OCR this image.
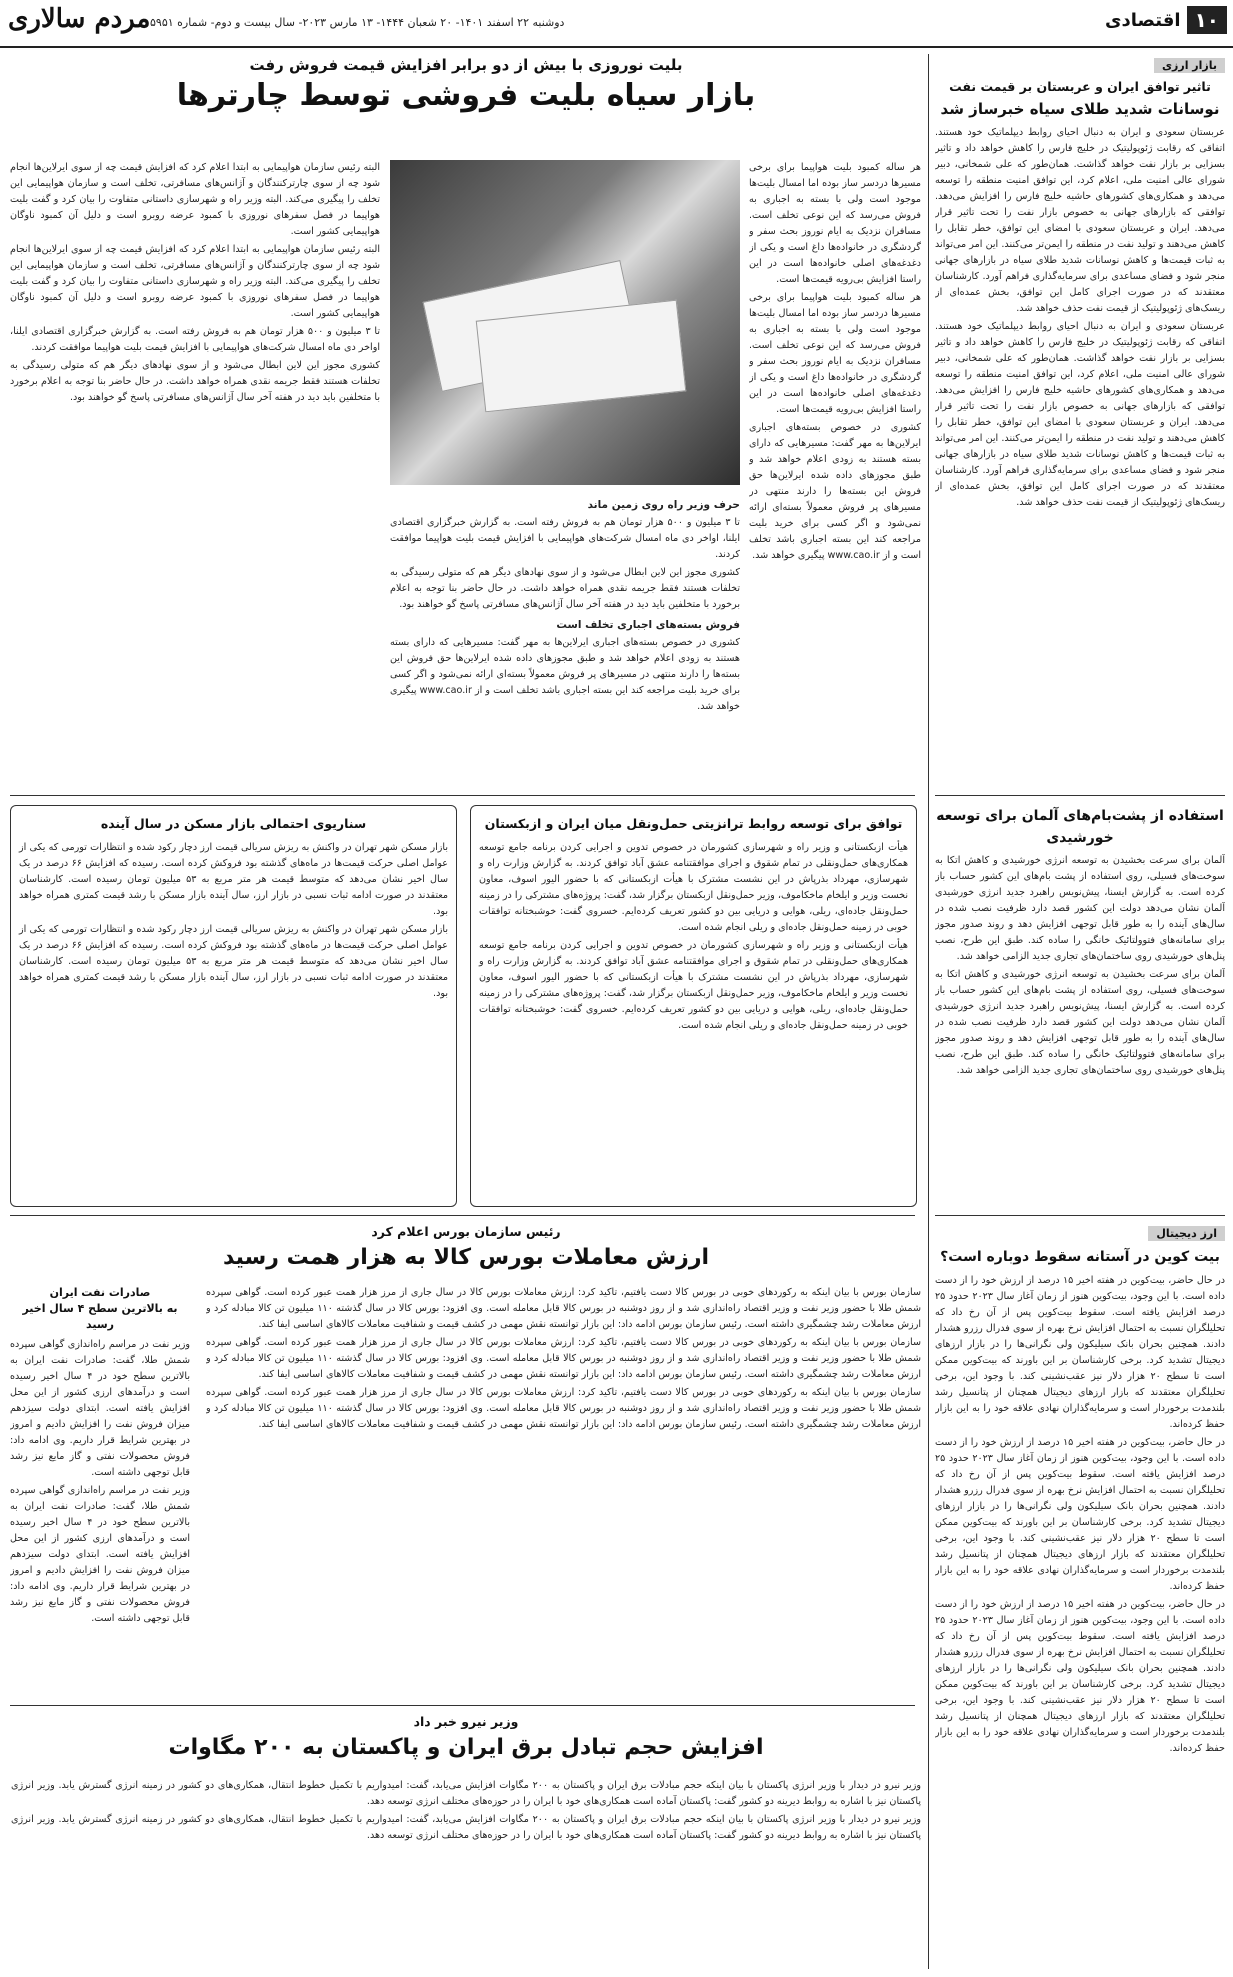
۱۰
اقتصادی
دوشنبه ۲۲ اسفند ۱۴۰۱- ۲۰ شعبان ۱۴۴۴- ۱۳ مارس ۲۰۲۳- سال بیست و دوم- شماره ۵۹۵۱
مردم سالاری
بازار ارزی
تاثیر توافق ایران و عربستان بر قیمت نفت
نوسانات شدید طلای سیاه خبرساز شد

عربستان سعودی و ایران به دنبال احیای روابط دیپلماتیک خود هستند. اتفاقی که رقابت ژئوپولیتیک در خلیج فارس را کاهش خواهد داد و تاثیر بسزایی بر بازار نفت خواهد گذاشت. همان‌طور که علی شمخانی، دبیر شورای عالی امنیت ملی، اعلام کرد، این توافق امنیت منطقه را توسعه می‌دهد و همکاری‌های کشورهای حاشیه خلیج فارس را افزایش می‌دهد. توافقی که بازارهای جهانی به خصوص بازار نفت را تحت تاثیر قرار می‌دهد. ایران و عربستان سعودی با امضای این توافق، خطر تقابل را کاهش می‌دهند و تولید نفت در منطقه را ایمن‌تر می‌کنند. این امر می‌تواند به ثبات قیمت‌ها و کاهش نوسانات شدید طلای سیاه در بازارهای جهانی منجر شود و فضای مساعدی برای سرمایه‌گذاری فراهم آورد. کارشناسان معتقدند که در صورت اجرای کامل این توافق، بخش عمده‌ای از ریسک‌های ژئوپولیتیک از قیمت نفت حذف خواهد شد.

عربستان سعودی و ایران به دنبال احیای روابط دیپلماتیک خود هستند. اتفاقی که رقابت ژئوپولیتیک در خلیج فارس را کاهش خواهد داد و تاثیر بسزایی بر بازار نفت خواهد گذاشت. همان‌طور که علی شمخانی، دبیر شورای عالی امنیت ملی، اعلام کرد، این توافق امنیت منطقه را توسعه می‌دهد و همکاری‌های کشورهای حاشیه خلیج فارس را افزایش می‌دهد. توافقی که بازارهای جهانی به خصوص بازار نفت را تحت تاثیر قرار می‌دهد. ایران و عربستان سعودی با امضای این توافق، خطر تقابل را کاهش می‌دهند و تولید نفت در منطقه را ایمن‌تر می‌کنند. این امر می‌تواند به ثبات قیمت‌ها و کاهش نوسانات شدید طلای سیاه در بازارهای جهانی منجر شود و فضای مساعدی برای سرمایه‌گذاری فراهم آورد. کارشناسان معتقدند که در صورت اجرای کامل این توافق، بخش عمده‌ای از ریسک‌های ژئوپولیتیک از قیمت نفت حذف خواهد شد.

بلیت نوروزی با بیش از دو برابر افزایش قیمت فروش رفت
بازار سیاه بلیت فروشی توسط چارترها

هر ساله کمبود بلیت هواپیما برای برخی مسیرها دردسر ساز بوده اما امسال بلیت‌ها موجود است ولی با بسته به اجباری به فروش می‌رسد که این نوعی تخلف است. مسافران نزدیک به ایام نوروز بحث سفر و گردشگری در خانواده‌ها داغ است و یکی از دغدغه‌های اصلی خانواده‌ها است در این راستا افزایش بی‌رویه قیمت‌ها است.

هر ساله کمبود بلیت هواپیما برای برخی مسیرها دردسر ساز بوده اما امسال بلیت‌ها موجود است ولی با بسته به اجباری به فروش می‌رسد که این نوعی تخلف است. مسافران نزدیک به ایام نوروز بحث سفر و گردشگری در خانواده‌ها داغ است و یکی از دغدغه‌های اصلی خانواده‌ها است در این راستا افزایش بی‌رویه قیمت‌ها است.

کشوری در خصوص بسته‌های اجباری ایرلاین‌ها به مهر گفت: مسیرهایی که دارای بسته هستند به زودی اعلام خواهد شد و طبق مجوزهای داده شده ایرلاین‌ها حق فروش این بسته‌ها را دارند منتهی در مسیرهای پر فروش معمولاً بسته‌ای ارائه نمی‌شود و اگر کسی برای خرید بلیت مراجعه کند این بسته اجباری باشد تخلف است و از www.cao.ir پیگیری خواهد شد.

البته رئیس سازمان هواپیمایی به ابتدا اعلام کرد که افزایش قیمت چه از سوی ایرلاین‌ها انجام شود چه از سوی چارترکنندگان و آژانس‌های مسافرتی، تخلف است و سازمان هواپیمایی این تخلف را پیگیری می‌کند. البته وزیر راه و شهرسازی داستانی متفاوت را بیان کرد و گفت بلیت هواپیما در فصل سفرهای نوروزی با کمبود عرضه روبرو است و دلیل آن کمبود ناوگان هواپیمایی کشور است.

البته رئیس سازمان هواپیمایی به ابتدا اعلام کرد که افزایش قیمت چه از سوی ایرلاین‌ها انجام شود چه از سوی چارترکنندگان و آژانس‌های مسافرتی، تخلف است و سازمان هواپیمایی این تخلف را پیگیری می‌کند. البته وزیر راه و شهرسازی داستانی متفاوت را بیان کرد و گفت بلیت هواپیما در فصل سفرهای نوروزی با کمبود عرضه روبرو است و دلیل آن کمبود ناوگان هواپیمایی کشور است.

تا ۳ میلیون و ۵۰۰ هزار تومان هم به فروش رفته است. به گزارش خبرگزاری اقتصادی ایلنا، اواخر دی ماه امسال شرکت‌های هواپیمایی با افزایش قیمت بلیت هواپیما موافقت کردند.

کشوری مجوز این لاین ابطال می‌شود و از سوی نهادهای دیگر هم که متولی رسیدگی به تخلفات هستند فقط جریمه نقدی همراه خواهد داشت. در حال حاضر بنا توجه به اعلام برخورد با متخلفین باید دید در هفته آخر سال آژانس‌های مسافرتی پاسخ گو خواهند بود.

حرف وزیر راه روی زمین ماند

تا ۳ میلیون و ۵۰۰ هزار تومان هم به فروش رفته است. به گزارش خبرگزاری اقتصادی ایلنا، اواخر دی ماه امسال شرکت‌های هواپیمایی با افزایش قیمت بلیت هواپیما موافقت کردند.

کشوری مجوز این لاین ابطال می‌شود و از سوی نهادهای دیگر هم که متولی رسیدگی به تخلفات هستند فقط جریمه نقدی همراه خواهد داشت. در حال حاضر بنا توجه به اعلام برخورد با متخلفین باید دید در هفته آخر سال آژانس‌های مسافرتی پاسخ گو خواهند بود.

فروش بسته‌های اجباری تخلف است

کشوری در خصوص بسته‌های اجباری ایرلاین‌ها به مهر گفت: مسیرهایی که دارای بسته هستند به زودی اعلام خواهد شد و طبق مجوزهای داده شده ایرلاین‌ها حق فروش این بسته‌ها را دارند منتهی در مسیرهای پر فروش معمولاً بسته‌ای ارائه نمی‌شود و اگر کسی برای خرید بلیت مراجعه کند این بسته اجباری باشد تخلف است و از www.cao.ir پیگیری خواهد شد.

توافق برای توسعه روابط ترانزیتی حمل‌ونقل میان ایران و ازبکستان

هیأت ازبکستانی و وزیر راه و شهرسازی کشورمان در خصوص تدوین و اجرایی کردن برنامه جامع توسعه همکاری‌های حمل‌ونقلی در تمام شقوق و اجرای موافقتنامه عشق آباد توافق کردند. به گزارش وزارت راه و شهرسازی، مهرداد بذرپاش در این نشست مشترک با هیأت ازبکستانی که با حضور الیور اسوف، معاون نخست وزیر و ایلخام ماخکاموف، وزیر حمل‌ونقل ازبکستان برگزار شد، گفت: پروژه‌های مشترکی را در زمینه حمل‌ونقل جاده‌ای، ریلی، هوایی و دریایی بین دو کشور تعریف کرده‌ایم. خسروی گفت: خوشبختانه توافقات خوبی در زمینه حمل‌ونقل جاده‌ای و ریلی انجام شده است.

هیأت ازبکستانی و وزیر راه و شهرسازی کشورمان در خصوص تدوین و اجرایی کردن برنامه جامع توسعه همکاری‌های حمل‌ونقلی در تمام شقوق و اجرای موافقتنامه عشق آباد توافق کردند. به گزارش وزارت راه و شهرسازی، مهرداد بذرپاش در این نشست مشترک با هیأت ازبکستانی که با حضور الیور اسوف، معاون نخست وزیر و ایلخام ماخکاموف، وزیر حمل‌ونقل ازبکستان برگزار شد، گفت: پروژه‌های مشترکی را در زمینه حمل‌ونقل جاده‌ای، ریلی، هوایی و دریایی بین دو کشور تعریف کرده‌ایم. خسروی گفت: خوشبختانه توافقات خوبی در زمینه حمل‌ونقل جاده‌ای و ریلی انجام شده است.

سناریوی احتمالی بازار مسکن در سال آینده

بازار مسکن شهر تهران در واکنش به ریزش سریالی قیمت ارز دچار رکود شده و انتظارات تورمی که یکی از عوامل اصلی حرکت قیمت‌ها در ماه‌های گذشته بود فروکش کرده است. رسیده که افزایش ۶۶ درصد در یک سال اخیر نشان می‌دهد که متوسط قیمت هر متر مربع به ۵۳ میلیون تومان رسیده است. کارشناسان معتقدند در صورت ادامه ثبات نسبی در بازار ارز، سال آینده بازار مسکن با رشد قیمت کمتری همراه خواهد بود.

بازار مسکن شهر تهران در واکنش به ریزش سریالی قیمت ارز دچار رکود شده و انتظارات تورمی که یکی از عوامل اصلی حرکت قیمت‌ها در ماه‌های گذشته بود فروکش کرده است. رسیده که افزایش ۶۶ درصد در یک سال اخیر نشان می‌دهد که متوسط قیمت هر متر مربع به ۵۳ میلیون تومان رسیده است. کارشناسان معتقدند در صورت ادامه ثبات نسبی در بازار ارز، سال آینده بازار مسکن با رشد قیمت کمتری همراه خواهد بود.

استفاده از پشت‌بام‌های آلمان برای توسعه خورشیدی

آلمان برای سرعت بخشیدن به توسعه انرژی خورشیدی و کاهش اتکا به سوخت‌های فسیلی، روی استفاده از پشت بام‌های این کشور حساب باز کرده است. به گزارش ایسنا، پیش‌نویس راهبرد جدید انرژی خورشیدی آلمان نشان می‌دهد دولت این کشور قصد دارد ظرفیت نصب شده در سال‌های آینده را به طور قابل توجهی افزایش دهد و روند صدور مجوز برای سامانه‌های فتوولتائیک خانگی را ساده کند. طبق این طرح، نصب پنل‌های خورشیدی روی ساختمان‌های تجاری جدید الزامی خواهد شد.

آلمان برای سرعت بخشیدن به توسعه انرژی خورشیدی و کاهش اتکا به سوخت‌های فسیلی، روی استفاده از پشت بام‌های این کشور حساب باز کرده است. به گزارش ایسنا، پیش‌نویس راهبرد جدید انرژی خورشیدی آلمان نشان می‌دهد دولت این کشور قصد دارد ظرفیت نصب شده در سال‌های آینده را به طور قابل توجهی افزایش دهد و روند صدور مجوز برای سامانه‌های فتوولتائیک خانگی را ساده کند. طبق این طرح، نصب پنل‌های خورشیدی روی ساختمان‌های تجاری جدید الزامی خواهد شد.

ارز دیجیتال
بیت کوین در آستانه سقوط دوباره است؟

در حال حاضر، بیت‌کوین در هفته اخیر ۱۵ درصد از ارزش خود را از دست داده است. با این وجود، بیت‌کوین هنوز از زمان آغاز سال ۲۰۲۳ حدود ۲۵ درصد افزایش یافته است. سقوط بیت‌کوین پس از آن رخ داد که تحلیلگران نسبت به احتمال افزایش نرخ بهره از سوی فدرال رزرو هشدار دادند. همچنین بحران بانک سیلیکون ولی نگرانی‌ها را در بازار ارزهای دیجیتال تشدید کرد. برخی کارشناسان بر این باورند که بیت‌کوین ممکن است تا سطح ۲۰ هزار دلار نیز عقب‌نشینی کند. با وجود این، برخی تحلیلگران معتقدند که بازار ارزهای دیجیتال همچنان از پتانسیل رشد بلندمدت برخوردار است و سرمایه‌گذاران نهادی علاقه خود را به این بازار حفظ کرده‌اند.

در حال حاضر، بیت‌کوین در هفته اخیر ۱۵ درصد از ارزش خود را از دست داده است. با این وجود، بیت‌کوین هنوز از زمان آغاز سال ۲۰۲۳ حدود ۲۵ درصد افزایش یافته است. سقوط بیت‌کوین پس از آن رخ داد که تحلیلگران نسبت به احتمال افزایش نرخ بهره از سوی فدرال رزرو هشدار دادند. همچنین بحران بانک سیلیکون ولی نگرانی‌ها را در بازار ارزهای دیجیتال تشدید کرد. برخی کارشناسان بر این باورند که بیت‌کوین ممکن است تا سطح ۲۰ هزار دلار نیز عقب‌نشینی کند. با وجود این، برخی تحلیلگران معتقدند که بازار ارزهای دیجیتال همچنان از پتانسیل رشد بلندمدت برخوردار است و سرمایه‌گذاران نهادی علاقه خود را به این بازار حفظ کرده‌اند.

در حال حاضر، بیت‌کوین در هفته اخیر ۱۵ درصد از ارزش خود را از دست داده است. با این وجود، بیت‌کوین هنوز از زمان آغاز سال ۲۰۲۳ حدود ۲۵ درصد افزایش یافته است. سقوط بیت‌کوین پس از آن رخ داد که تحلیلگران نسبت به احتمال افزایش نرخ بهره از سوی فدرال رزرو هشدار دادند. همچنین بحران بانک سیلیکون ولی نگرانی‌ها را در بازار ارزهای دیجیتال تشدید کرد. برخی کارشناسان بر این باورند که بیت‌کوین ممکن است تا سطح ۲۰ هزار دلار نیز عقب‌نشینی کند. با وجود این، برخی تحلیلگران معتقدند که بازار ارزهای دیجیتال همچنان از پتانسیل رشد بلندمدت برخوردار است و سرمایه‌گذاران نهادی علاقه خود را به این بازار حفظ کرده‌اند.

رئیس سازمان بورس اعلام کرد
ارزش معاملات بورس کالا به هزار همت رسید

سازمان بورس با بیان اینکه به رکوردهای خوبی در بورس کالا دست یافتیم، تاکید کرد: ارزش معاملات بورس کالا در سال جاری از مرز هزار همت عبور کرده است. گواهی سپرده شمش طلا با حضور وزیر نفت و وزیر اقتصاد راه‌اندازی شد و از روز دوشنبه در بورس کالا قابل معامله است. وی افزود: بورس کالا در سال گذشته ۱۱۰ میلیون تن کالا مبادله کرد و ارزش معاملات رشد چشمگیری داشته است. رئیس سازمان بورس ادامه داد: این بازار توانسته نقش مهمی در کشف قیمت و شفافیت معاملات کالاهای اساسی ایفا کند.

سازمان بورس با بیان اینکه به رکوردهای خوبی در بورس کالا دست یافتیم، تاکید کرد: ارزش معاملات بورس کالا در سال جاری از مرز هزار همت عبور کرده است. گواهی سپرده شمش طلا با حضور وزیر نفت و وزیر اقتصاد راه‌اندازی شد و از روز دوشنبه در بورس کالا قابل معامله است. وی افزود: بورس کالا در سال گذشته ۱۱۰ میلیون تن کالا مبادله کرد و ارزش معاملات رشد چشمگیری داشته است. رئیس سازمان بورس ادامه داد: این بازار توانسته نقش مهمی در کشف قیمت و شفافیت معاملات کالاهای اساسی ایفا کند.

سازمان بورس با بیان اینکه به رکوردهای خوبی در بورس کالا دست یافتیم، تاکید کرد: ارزش معاملات بورس کالا در سال جاری از مرز هزار همت عبور کرده است. گواهی سپرده شمش طلا با حضور وزیر نفت و وزیر اقتصاد راه‌اندازی شد و از روز دوشنبه در بورس کالا قابل معامله است. وی افزود: بورس کالا در سال گذشته ۱۱۰ میلیون تن کالا مبادله کرد و ارزش معاملات رشد چشمگیری داشته است. رئیس سازمان بورس ادامه داد: این بازار توانسته نقش مهمی در کشف قیمت و شفافیت معاملات کالاهای اساسی ایفا کند.

صادرات نفت ایران
به بالاترین سطح ۴ سال اخیر رسید

وزیر نفت در مراسم راه‌اندازی گواهی سپرده شمش طلا، گفت: صادرات نفت ایران به بالاترین سطح خود در ۴ سال اخیر رسیده است و درآمدهای ارزی کشور از این محل افزایش یافته است. ابتدای دولت سیزدهم میزان فروش نفت را افزایش دادیم و امروز در بهترین شرایط قرار داریم. وی ادامه داد: فروش محصولات نفتی و گاز مایع نیز رشد قابل توجهی داشته است.

وزیر نفت در مراسم راه‌اندازی گواهی سپرده شمش طلا، گفت: صادرات نفت ایران به بالاترین سطح خود در ۴ سال اخیر رسیده است و درآمدهای ارزی کشور از این محل افزایش یافته است. ابتدای دولت سیزدهم میزان فروش نفت را افزایش دادیم و امروز در بهترین شرایط قرار داریم. وی ادامه داد: فروش محصولات نفتی و گاز مایع نیز رشد قابل توجهی داشته است.

وزیر نیرو خبر داد
افزایش حجم تبادل برق ایران و پاکستان به ۲۰۰ مگاوات

وزیر نیرو در دیدار با وزیر انرژی پاکستان با بیان اینکه حجم مبادلات برق ایران و پاکستان به ۲۰۰ مگاوات افزایش می‌یابد، گفت: امیدواریم با تکمیل خطوط انتقال، همکاری‌های دو کشور در زمینه انرژی گسترش یابد. وزیر انرژی پاکستان نیز با اشاره به روابط دیرینه دو کشور گفت: پاکستان آماده است همکاری‌های خود با ایران را در حوزه‌های مختلف انرژی توسعه دهد.

وزیر نیرو در دیدار با وزیر انرژی پاکستان با بیان اینکه حجم مبادلات برق ایران و پاکستان به ۲۰۰ مگاوات افزایش می‌یابد، گفت: امیدواریم با تکمیل خطوط انتقال، همکاری‌های دو کشور در زمینه انرژی گسترش یابد. وزیر انرژی پاکستان نیز با اشاره به روابط دیرینه دو کشور گفت: پاکستان آماده است همکاری‌های خود با ایران را در حوزه‌های مختلف انرژی توسعه دهد.
